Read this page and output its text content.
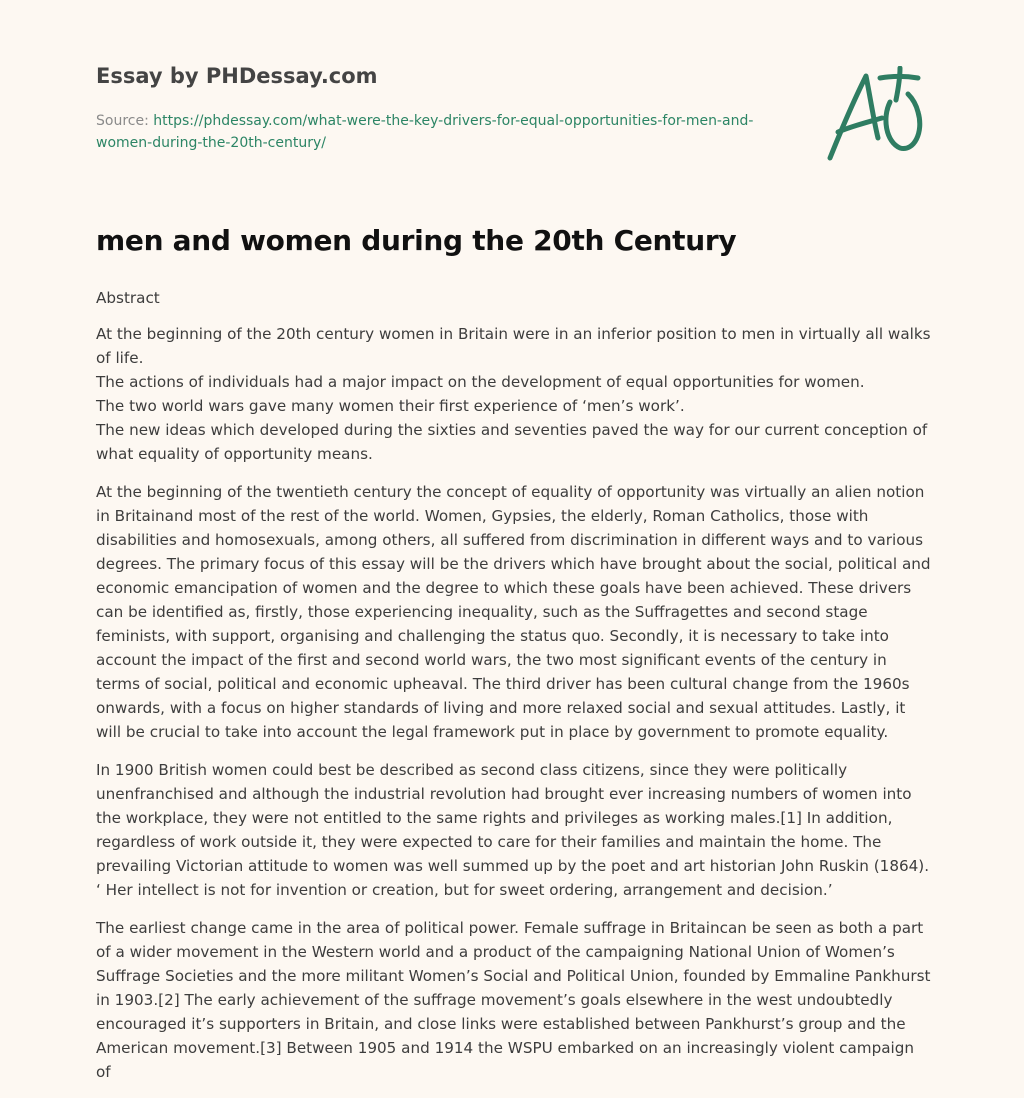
Essay by PHDessay.com
Source: https://phdessay.com/what-were-the-key-drivers-for-equal-opportunities-for-men-and-women-during-the-20th-century/
men and women during the 20th Century

Abstract

At the beginning of the 20th century women in Britain were in an inferior position to men in virtually all walks of life.
The actions of individuals had a major impact on the development of equal opportunities for women.
The two world wars gave many women their first experience of ‘men’s work’.
The new ideas which developed during the sixties and seventies paved the way for our current conception of what equality of opportunity means.

At the beginning of the twentieth century the concept of equality of opportunity was virtually an alien notion in Britainand most of the rest of the world. Women, Gypsies, the elderly, Roman Catholics, those with disabilities and homosexuals, among others, all suffered from discrimination in different ways and to various degrees. The primary focus of this essay will be the drivers which have brought about the social, political and economic emancipation of women and the degree to which these goals have been achieved. These drivers can be identified as, firstly, those experiencing inequality, such as the Suffragettes and second stage feminists, with support, organising and challenging the status quo. Secondly, it is necessary to take into account the impact of the first and second world wars, the two most significant events of the century in terms of social, political and economic upheaval. The third driver has been cultural change from the 1960s onwards, with a focus on higher standards of living and more relaxed social and sexual attitudes. Lastly, it will be crucial to take into account the legal framework put in place by government to promote equality.

In 1900 British women could best be described as second class citizens, since they were politically unenfranchised and although the industrial revolution had brought ever increasing numbers of women into the workplace, they were not entitled to the same rights and privileges as working males.[1] In addition, regardless of work outside it, they were expected to care for their families and maintain the home. The prevailing Victorian attitude to women was well summed up by the poet and art historian John Ruskin (1864). ‘ Her intellect is not for invention or creation, but for sweet ordering, arrangement and decision.’

The earliest change came in the area of political power. Female suffrage in Britaincan be seen as both a part of a wider movement in the Western world and a product of the campaigning National Union of Women’s Suffrage Societies and the more militant Women’s Social and Political Union, founded by Emmaline Pankhurst in 1903.[2] The early achievement of the suffrage movement’s goals elsewhere in the west undoubtedly encouraged it’s supporters in Britain, and close links were established between Pankhurst’s group and the American movement.[3] Between 1905 and 1914 the WSPU embarked on an increasingly violent campaign of
